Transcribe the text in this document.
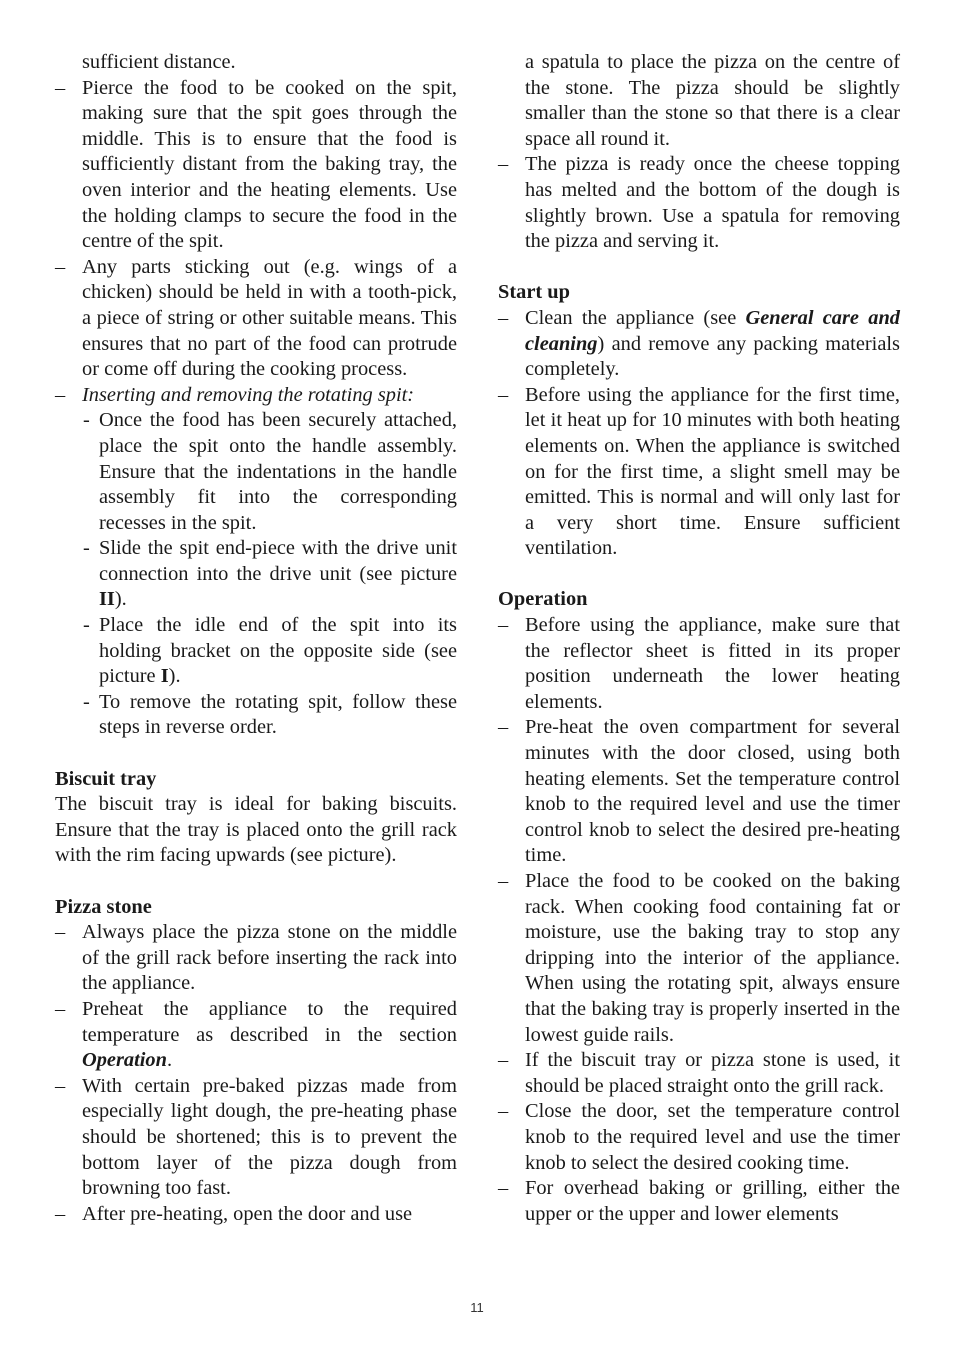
sufficient distance.

– Pierce the food to be cooked on the spit, making sure that the spit goes through the middle. This is to ensure that the food is sufficiently distant from the baking tray, the oven interior and the heating elements. Use the holding clamps to secure the food in the centre of the spit.
– Any parts sticking out (e.g. wings of a chicken) should be held in with a tooth-pick, a piece of string or other suitable means. This ensures that no part of the food can protrude or come off during the cooking process.
– Inserting and removing the rotating spit:
- Once the food has been securely attached, place the spit onto the handle assembly. Ensure that the indentations in the handle assembly fit into the corresponding recesses in the spit.
- Slide the spit end-piece with the drive unit connection into the drive unit (see picture II).
- Place the idle end of the spit into its holding bracket on the opposite side (see picture I).
- To remove the rotating spit, follow these steps in reverse order.

Biscuit tray

The biscuit tray is ideal for baking biscuits. Ensure that the tray is placed onto the grill rack with the rim facing upwards (see picture).

Pizza stone

– Always place the pizza stone on the middle of the grill rack before inserting the rack into the appliance.
– Preheat the appliance to the required temperature as described in the section Operation.
– With certain pre-baked pizzas made from especially light dough, the pre-heating phase should be shortened; this is to prevent the bottom layer of the pizza dough from browning too fast.
– After pre-heating, open the door and use

a spatula to place the pizza on the centre of the stone. The pizza should be slightly smaller than the stone so that there is a clear space all round it.

– The pizza is ready once the cheese topping has melted and the bottom of the dough is slightly brown. Use a spatula for removing the pizza and serving it.

Start up

– Clean the appliance (see General care and cleaning) and remove any packing materials completely.
– Before using the appliance for the first time, let it heat up for 10 minutes with both heating elements on. When the appliance is switched on for the first time, a slight smell may be emitted. This is normal and will only last for a very short time. Ensure sufficient ventilation.

Operation

– Before using the appliance, make sure that the reflector sheet is fitted in its proper position underneath the lower heating elements.
– Pre-heat the oven compartment for several minutes with the door closed, using both heating elements. Set the temperature control knob to the required level and use the timer control knob to select the desired pre-heating time.
– Place the food to be cooked on the baking rack. When cooking food containing fat or moisture, use the baking tray to stop any dripping into the interior of the appliance. When using the rotating spit, always ensure that the baking tray is properly inserted in the lowest guide rails.
– If the biscuit tray or pizza stone is used, it should be placed straight onto the grill rack.
– Close the door, set the temperature control knob to the required level and use the timer knob to select the desired cooking time.
– For overhead baking or grilling, either the upper or the upper and lower elements
11
